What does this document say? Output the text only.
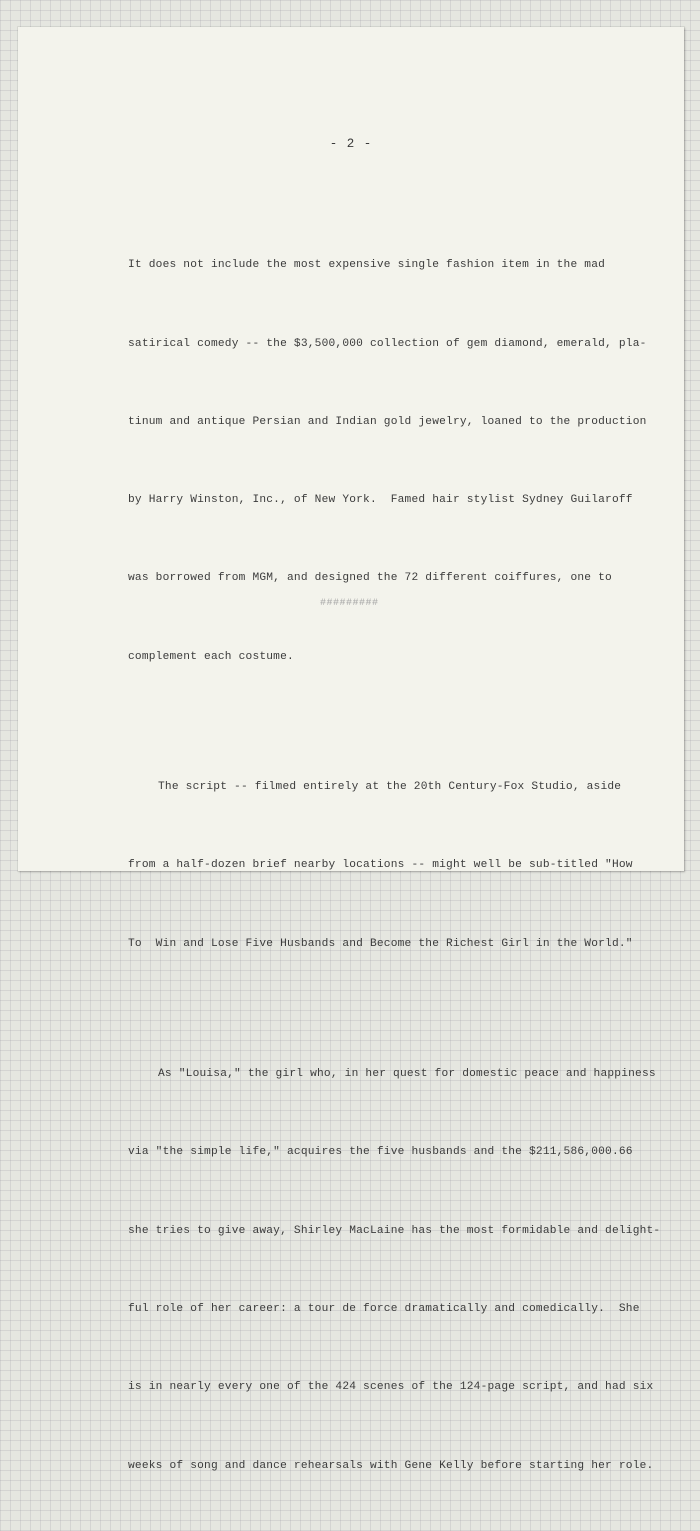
- 2 -

It does not include the most expensive single fashion item in the mad

satirical comedy -- the $3,500,000 collection of gem diamond, emerald, pla-

tinum and antique Persian and Indian gold jewelry, loaned to the production

by Harry Winston, Inc., of New York.  Famed hair stylist Sydney Guilaroff

was borrowed from MGM, and designed the 72 different coiffures, one to

complement each costume.

The script -- filmed entirely at the 20th Century-Fox Studio, aside

from a half-dozen brief nearby locations -- might well be sub-titled "How

To  Win and Lose Five Husbands and Become the Richest Girl in the World."

As "Louisa," the girl who, in her quest for domestic peace and happiness

via "the simple life," acquires the five husbands and the $211,586,000.66

she tries to give away, Shirley MacLaine has the most formidable and delight-

ful role of her career: a tour de force dramatically and comedically.  She

is in nearly every one of the 424 scenes of the 124-page script, and had six

weeks of song and dance rehearsals with Gene Kelly before starting her role.

#########
